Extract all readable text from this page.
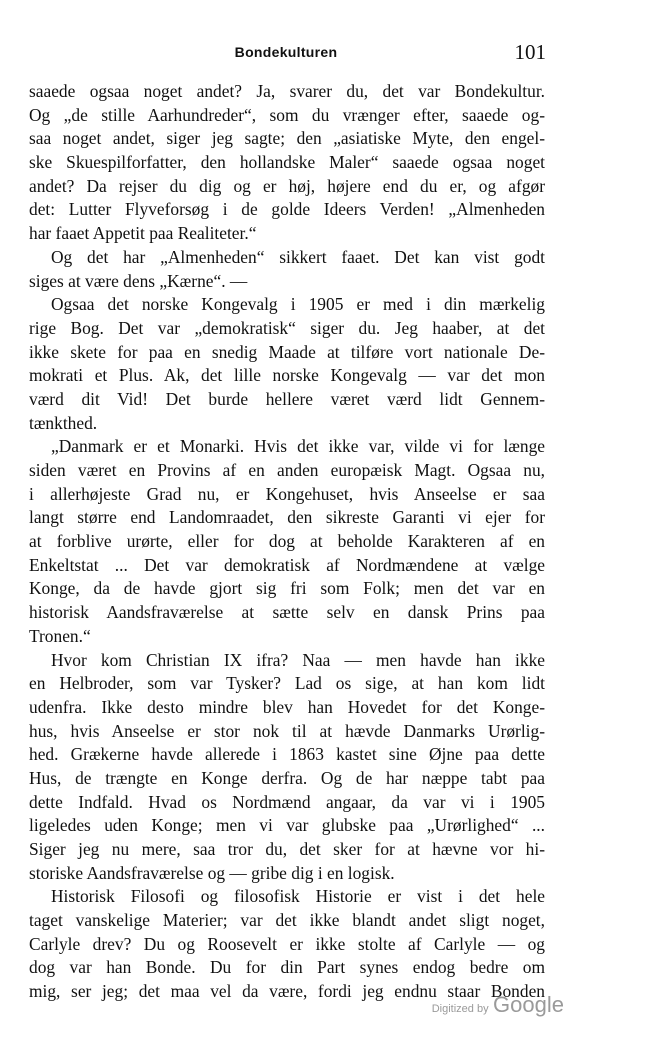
Bondekulturen	101
saaede ogsaa noget andet? Ja, svarer du, det var Bondekultur.
Og „de stille Aarhundreder“, som du vrænger efter, saaede og-
saa noget andet, siger jeg sagte; den „asiatiske Myte, den engel-
ske Skuespilforfatter, den hollandske Maler“ saaede ogsaa noget
andet? Da rejser du dig og er høj, højere end du er, og afgør
det: Lutter Flyveforsøg i de golde Ideers Verden! „Almenheden
har faaet Appetit paa Realiteter.“
Og det har „Almenheden“ sikkert faaet. Det kan vist godt
siges at være dens „Kærne“. —
Ogsaa det norske Kongevalg i 1905 er med i din mærkelig
rige Bog. Det var „demokratisk“ siger du. Jeg haaber, at det
ikke skete for paa en snedig Maade at tilføre vort nationale De-
mokrati et Plus. Ak, det lille norske Kongevalg — var det mon
værd dit Vid! Det burde hellere været værd lidt Gennem-
tænkthed.
„Danmark er et Monarki. Hvis det ikke var, vilde vi for længe
siden været en Provins af en anden europæisk Magt. Ogsaa nu,
i allerhøjeste Grad nu, er Kongehuset, hvis Anseelse er saa
langt større end Landomraadet, den sikreste Garanti vi ejer for
at forblive urørte, eller for dog at beholde Karakteren af en
Enkeltstat ... Det var demokratisk af Nordmændene at vælge
Konge, da de havde gjort sig fri som Folk; men det var en
historisk Aandsfraværelse at sætte selv en dansk Prins paa
Tronen.“
Hvor kom Christian IX ifra? Naa — men havde han ikke
en Helbroder, som var Tysker? Lad os sige, at han kom lidt
udenfra. Ikke desto mindre blev han Hovedet for det Konge-
hus, hvis Anseelse er stor nok til at hævde Danmarks Urørlig-
hed. Grækerne havde allerede i 1863 kastet sine Øjne paa dette
Hus, de trængte en Konge derfra. Og de har næppe tabt paa
dette Indfald. Hvad os Nordmænd angaar, da var vi i 1905
ligeledes uden Konge; men vi var glubske paa „Urørlighed“ ...
Siger jeg nu mere, saa tror du, det sker for at hævne vor hi-
storiske Aandsfraværelse og — gribe dig i en logisk.
Historisk Filosofi og filosofisk Historie er vist i det hele
taget vanskelige Materier; var det ikke blandt andet sligt noget,
Carlyle drev? Du og Roosevelt er ikke stolte af Carlyle — og
dog var han Bonde. Du for din Part synes endog bedre om
mig, ser jeg; det maa vel da være, fordi jeg endnu staar Bonden
Digitized by Google
